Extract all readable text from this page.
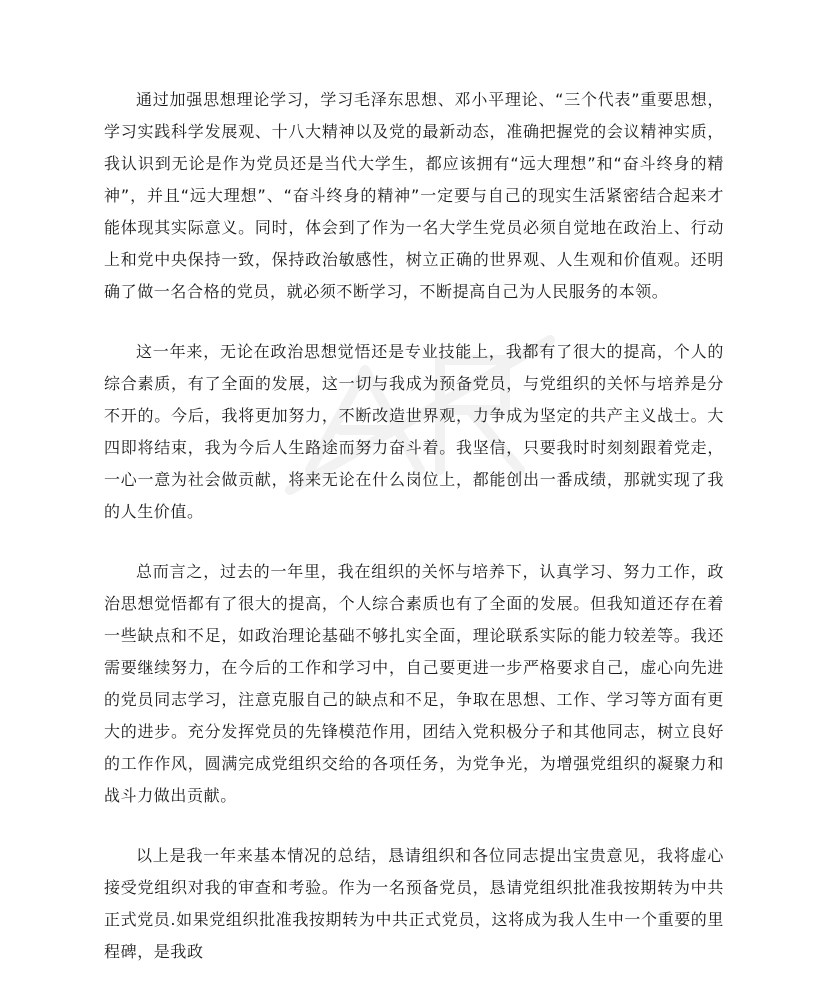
通过加强思想理论学习，学习毛泽东思想、邓小平理论、“三个代表”重要思想，学习实践科学发展观、十八大精神以及党的最新动态，准确把握党的会议精神实质，我认识到无论是作为党员还是当代大学生，都应该拥有“远大理想”和“奋斗终身的精神”，并且“远大理想”、“奋斗终身的精神”一定要与自己的现实生活紧密结合起来才能体现其实际意义。同时，体会到了作为一名大学生党员必须自觉地在政治上、行动上和党中央保持一致，保持政治敏感性，树立正确的世界观、人生观和价值观。还明确了做一名合格的党员，就必须不断学习，不断提高自己为人民服务的本领。

这一年来，无论在政治思想觉悟还是专业技能上，我都有了很大的提高，个人的综合素质，有了全面的发展，这一切与我成为预备党员，与党组织的关怀与培养是分不开的。今后，我将更加努力，不断改造世界观，力争成为坚定的共产主义战士。大四即将结束，我为今后人生路途而努力奋斗着。我坚信，只要我时时刻刻跟着党走，一心一意为社会做贡献，将来无论在什么岗位上，都能创出一番成绩，那就实现了我的人生价值。

总而言之，过去的一年里，我在组织的关怀与培养下，认真学习、努力工作，政治思想觉悟都有了很大的提高，个人综合素质也有了全面的发展。但我知道还存在着一些缺点和不足，如政治理论基础不够扎实全面，理论联系实际的能力较差等。我还需要继续努力，在今后的工作和学习中，自己要更进一步严格要求自己，虚心向先进的党员同志学习，注意克服自己的缺点和不足，争取在思想、工作、学习等方面有更大的进步。充分发挥党员的先锋模范作用，团结入党积极分子和其他同志，树立良好的工作作风，圆满完成党组织交给的各项任务，为党争光，为增强党组织的凝聚力和战斗力做出贡献。

以上是我一年来基本情况的总结，恳请组织和各位同志提出宝贵意见，我将虚心接受党组织对我的审查和考验。作为一名预备党员，恳请党组织批准我按期转为中共正式党员.如果党组织批准我按期转为中共正式党员，这将成为我人生中一个重要的里程碑，是我政
